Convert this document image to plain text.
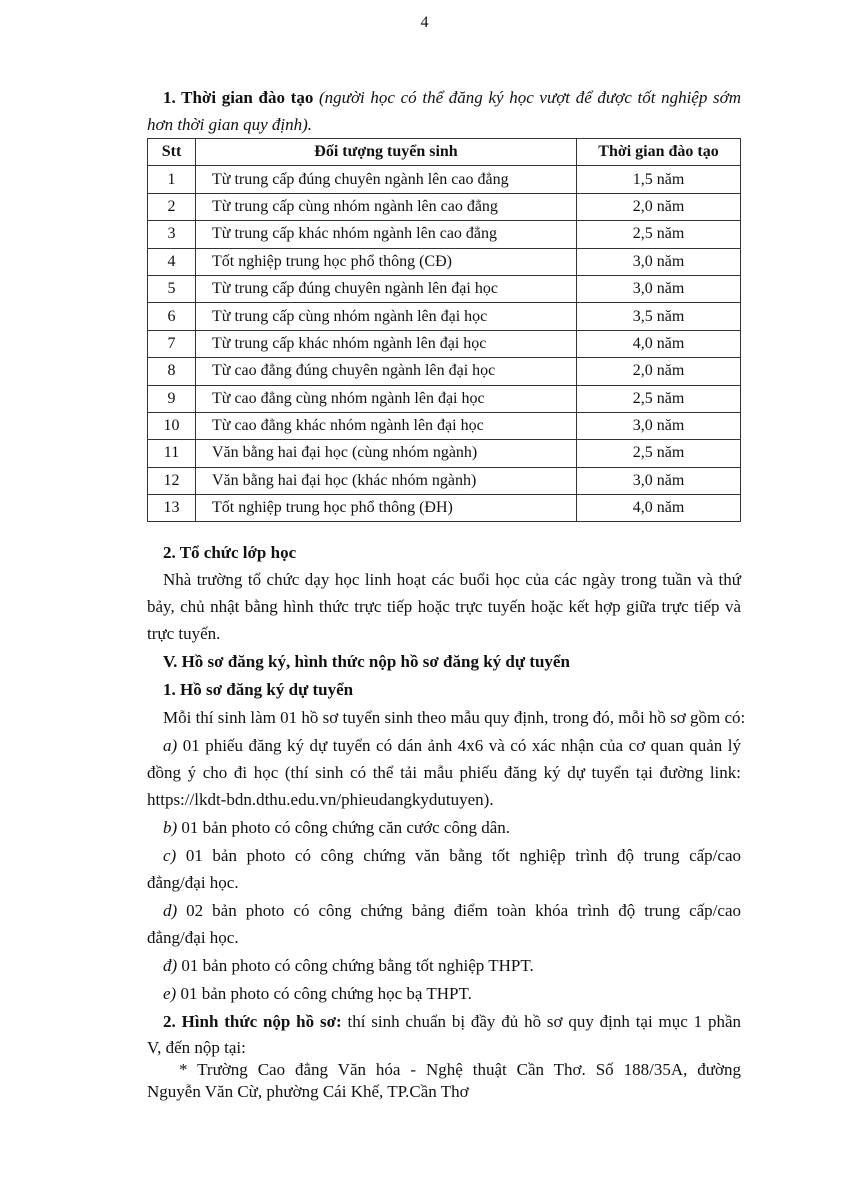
4
1. Thời gian đào tạo (người học có thể đăng ký học vượt để được tốt nghiệp sớm
hơn thời gian quy định).
Stt	Đối tượng tuyển sinh	Thời gian đào tạo
1	Từ trung cấp đúng chuyên ngành lên cao đẳng	1,5 năm
2	Từ trung cấp cùng nhóm ngành lên cao đẳng	2,0 năm
3	Từ trung cấp khác nhóm ngành lên cao đẳng	2,5 năm
4	Tốt nghiệp trung học phổ thông (CĐ)	3,0 năm
5	Từ trung cấp đúng chuyên ngành lên đại học	3,0 năm
6	Từ trung cấp cùng nhóm ngành lên đại học	3,5 năm
7	Từ trung cấp khác nhóm ngành lên đại học	4,0 năm
8	Từ cao đẳng đúng chuyên ngành lên đại học	2,0 năm
9	Từ cao đẳng cùng nhóm ngành lên đại học	2,5 năm
10	Từ cao đẳng khác nhóm ngành lên đại học	3,0 năm
11	Văn bằng hai đại học (cùng nhóm ngành)	2,5 năm
12	Văn bằng hai đại học (khác nhóm ngành)	3,0 năm
13	Tốt nghiệp trung học phổ thông (ĐH)	4,0 năm
2. Tổ chức lớp học
Nhà trường tổ chức dạy học linh hoạt các buổi học của các ngày trong tuần và thứ
bảy, chủ nhật bằng hình thức trực tiếp hoặc trực tuyến hoặc kết hợp giữa trực tiếp và
trực tuyến.
V. Hồ sơ đăng ký, hình thức nộp hồ sơ đăng ký dự tuyển
1. Hồ sơ đăng ký dự tuyển
Mỗi thí sinh làm 01 hồ sơ tuyển sinh theo mẫu quy định, trong đó, mỗi hồ sơ gồm có:
a) 01 phiếu đăng ký dự tuyển có dán ảnh 4x6 và có xác nhận của cơ quan quản lý
đồng ý cho đi học (thí sinh có thể tải mẫu phiếu đăng ký dự tuyển tại đường link:
https://lkdt-bdn.dthu.edu.vn/phieudangkydutuyen).
b) 01 bản photo có công chứng căn cước công dân.
c) 01 bản photo có công chứng văn bằng tốt nghiệp trình độ trung cấp/cao
đẳng/đại học.
d) 02 bản photo có công chứng bảng điểm toàn khóa trình độ trung cấp/cao
đẳng/đại học.
đ) 01 bản photo có công chứng bằng tốt nghiệp THPT.
e) 01 bản photo có công chứng học bạ THPT.
2. Hình thức nộp hồ sơ: thí sinh chuẩn bị đầy đủ hồ sơ quy định tại mục 1 phần
V, đến nộp tại:
* Trường Cao đẳng Văn hóa - Nghệ thuật Cần Thơ. Số 188/35A, đường
Nguyễn Văn Cừ, phường Cái Khế, TP.Cần Thơ
